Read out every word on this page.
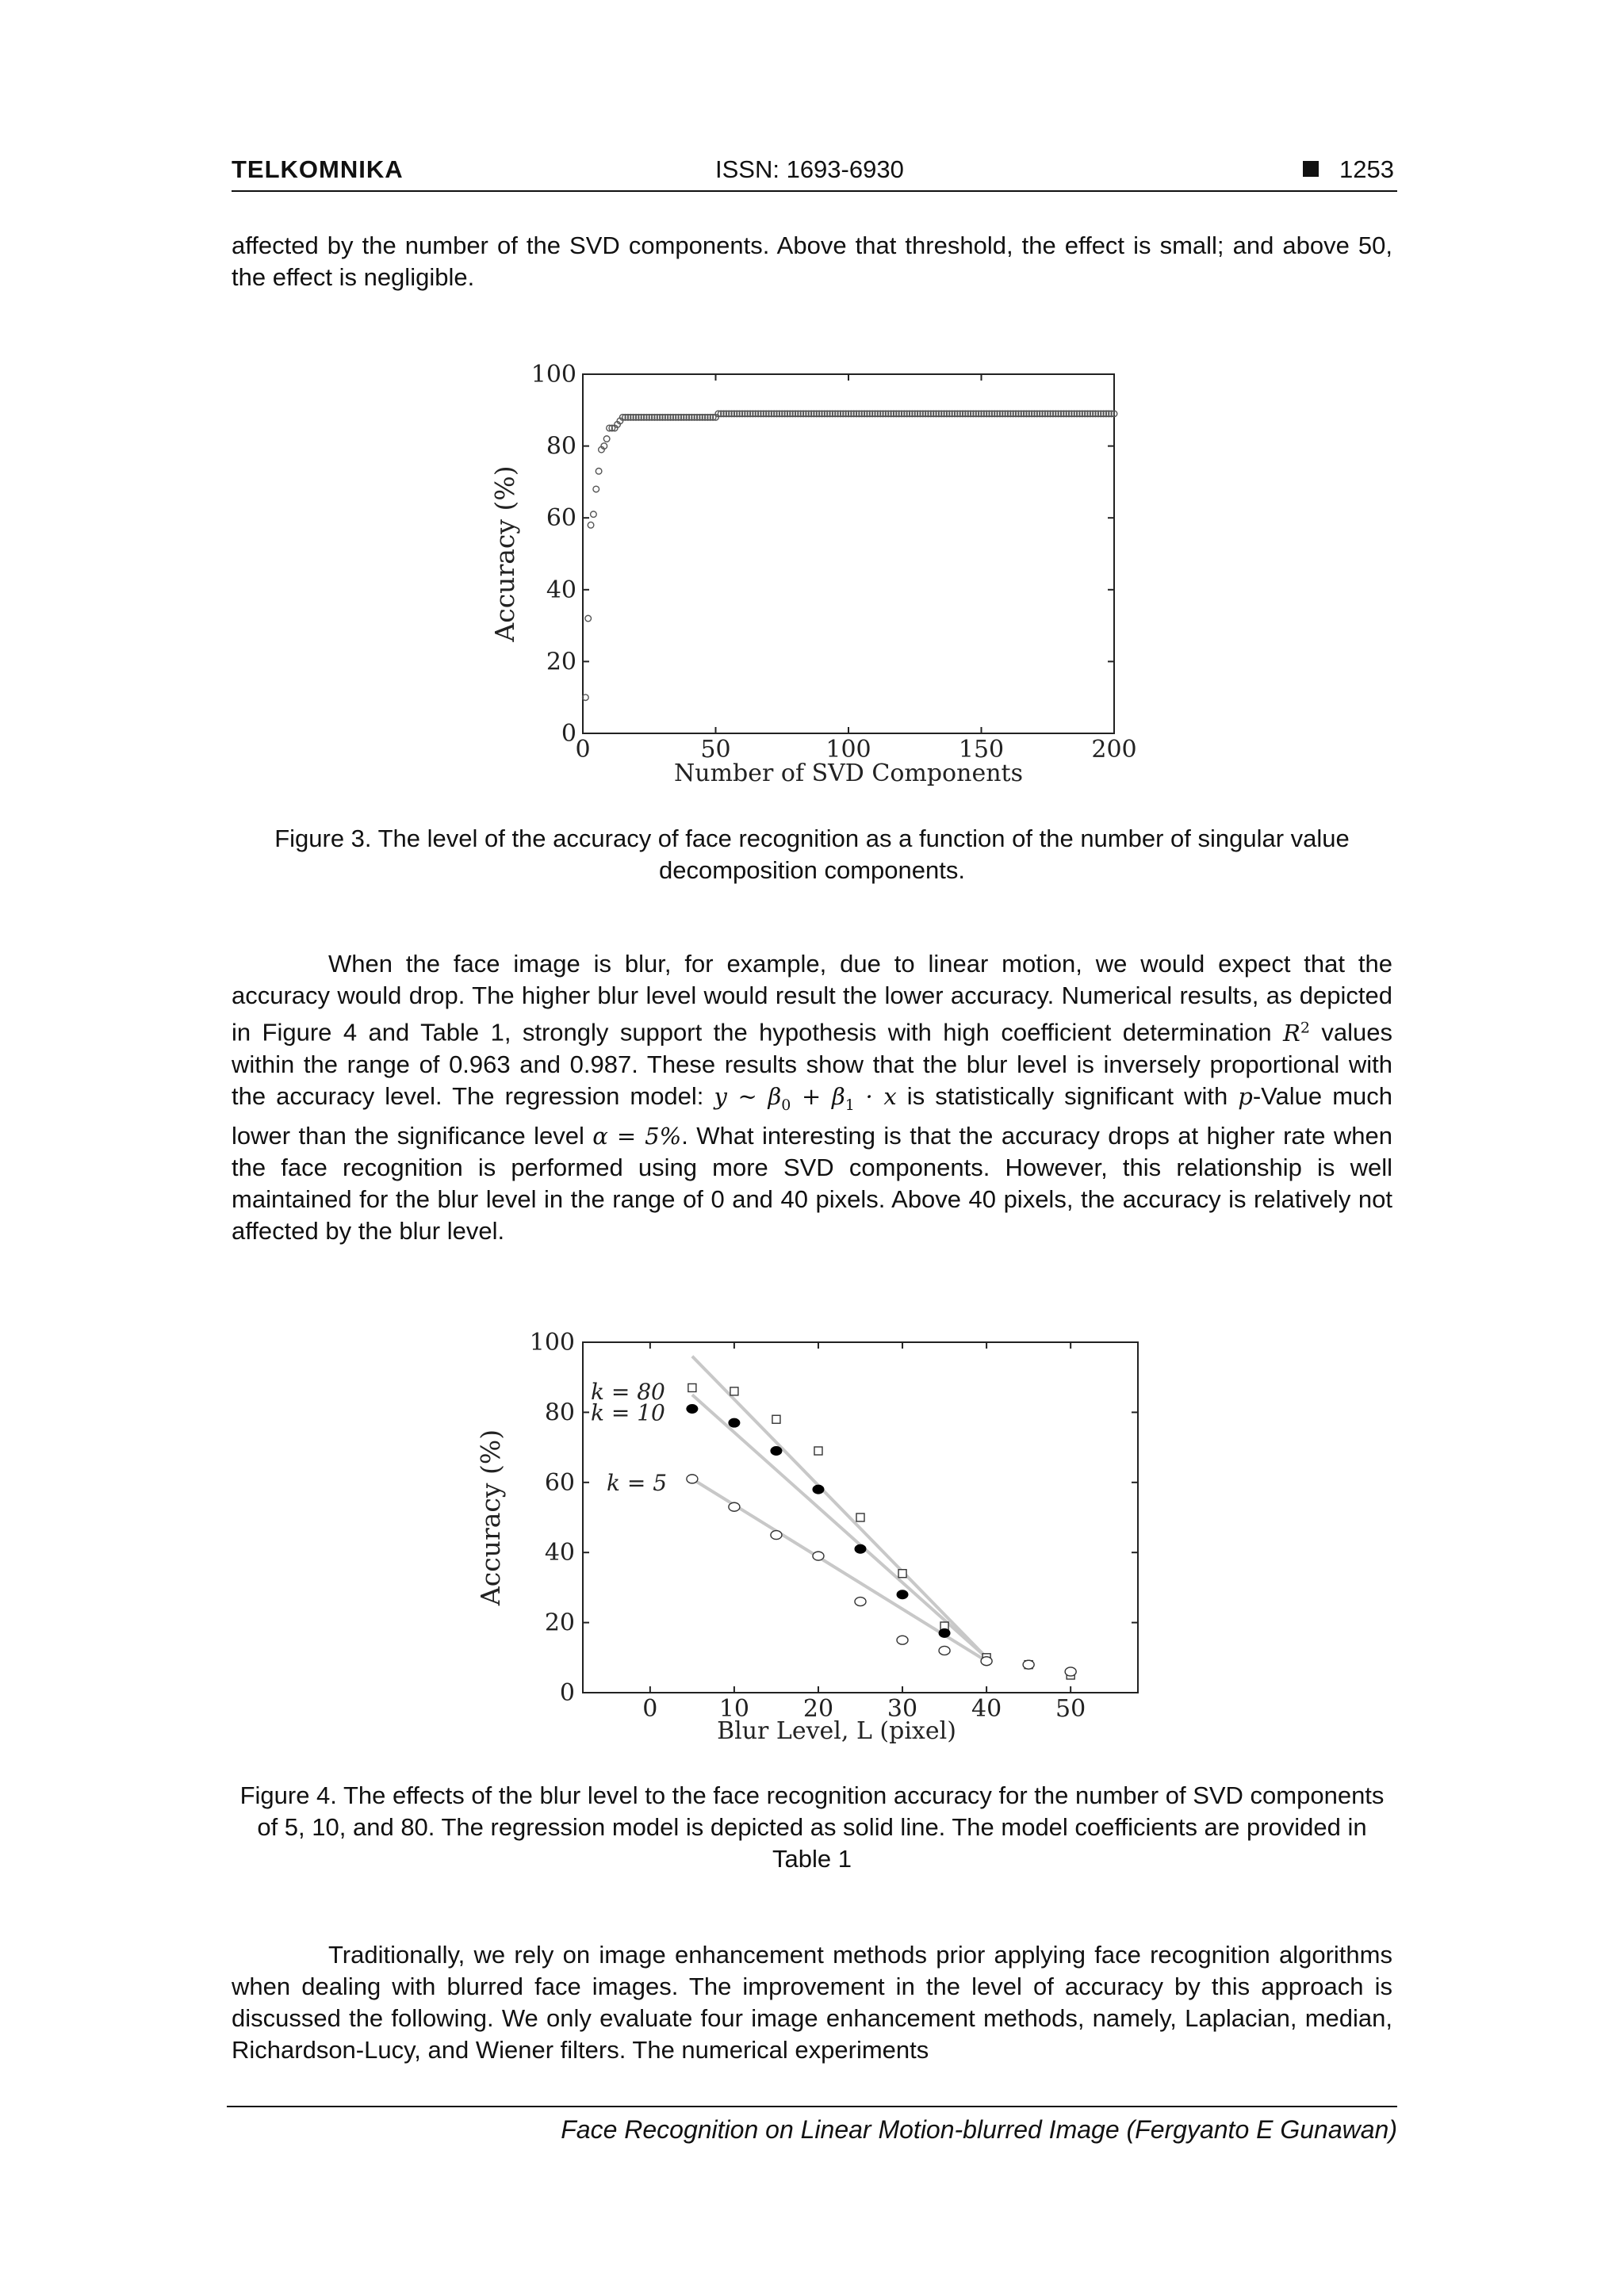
TELKOMNIKA	ISSN: 1693-6930	1253

affected by the number of the SVD components. Above that threshold, the effect is small; and above 50, the effect is negligible.

0
20
40
60
80
100
0	50	100	150	200
Number of SVD Components
Accuracy (%)

Figure 3. The level of the accuracy of face recognition as a function of the number of singular value decomposition components.

When the face image is blur, for example, due to linear motion, we would expect that the accuracy would drop. The higher blur level would result the lower accuracy. Numerical results, as depicted in Figure 4 and Table 1, strongly support the hypothesis with high coefficient determination $R^2$ values within the range of 0.963 and 0.987. These results show that the blur level is inversely proportional with the accuracy level. The regression model: y ~ $\beta_0 + \beta_1 \cdot x$ is statistically significant with p-Value much lower than the significance level α = 5%. What interesting is that the accuracy drops at higher rate when the face recognition is performed using more SVD components. However, this relationship is well maintained for the blur level in the range of 0 and 40 pixels. Above 40 pixels, the accuracy is relatively not affected by the blur level.

0
20
40
60
80
100
0	10 20 30 40 50
Blur Level, L (pixel)
Accuracy (%)
k = 80
k = 10
k = 5

Figure 4. The effects of the blur level to the face recognition accuracy for the number of SVD components of 5, 10, and 80. The regression model is depicted as solid line. The model coefficients are provided in Table 1

Traditionally, we rely on image enhancement methods prior applying face recognition algorithms when dealing with blurred face images. The improvement in the level of accuracy by this approach is discussed the following. We only evaluate four image enhancement methods, namely, Laplacian, median, Richardson-Lucy, and Wiener filters. The numerical experiments

Face Recognition on Linear Motion-blurred Image (Fergyanto E Gunawan)
